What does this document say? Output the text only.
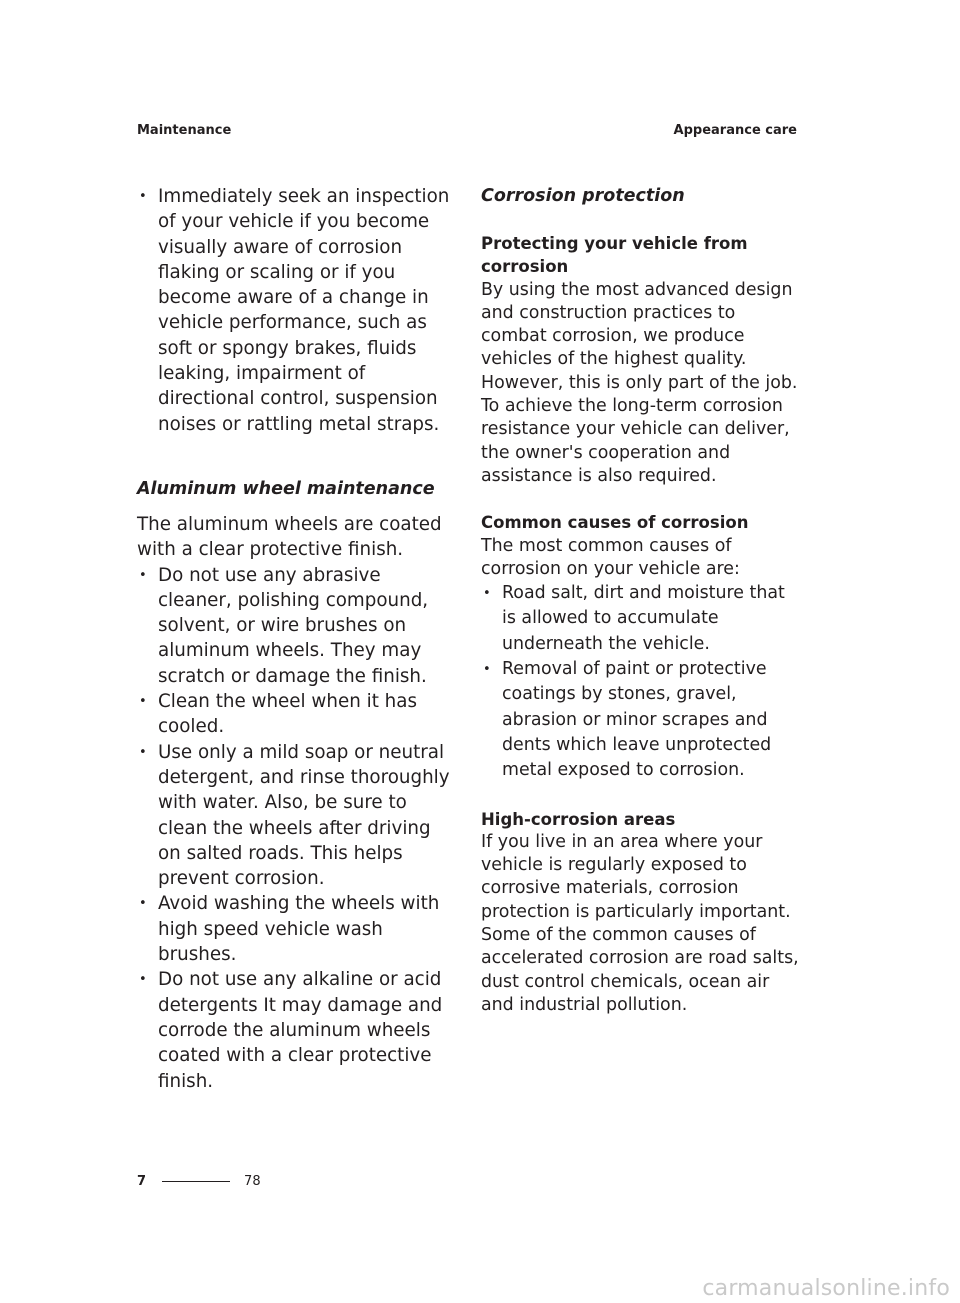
Maintenance	Appearance care
• Immediately seek an inspection of your vehicle if you become visually aware of corrosion flaking or scaling or if you become aware of a change in vehicle performance, such as soft or spongy brakes, fluids leaking, impairment of directional control, suspension noises or rattling metal straps.
Aluminum wheel maintenance

The aluminum wheels are coated with a clear protective finish.

• Do not use any abrasive cleaner, polishing compound, solvent, or wire brushes on aluminum wheels. They may scratch or damage the finish.
• Clean the wheel when it has cooled.
• Use only a mild soap or neutral detergent, and rinse thoroughly with water. Also, be sure to clean the wheels after driving on salted roads. This helps prevent corrosion.
• Avoid washing the wheels with high speed vehicle wash brushes.
• Do not use any alkaline or acid detergents It may damage and corrode the aluminum wheels coated with a clear protective finish.
Corrosion protection
Protecting your vehicle from corrosion

By using the most advanced design and construction practices to combat corrosion, we produce vehicles of the highest quality. However, this is only part of the job. To achieve the long-term corrosion resistance your vehicle can deliver, the owner's cooperation and assistance is also required.

Common causes of corrosion

The most common causes of corrosion on your vehicle are:

• Road salt, dirt and moisture that is allowed to accumulate underneath the vehicle.
• Removal of paint or protective coatings by stones, gravel, abrasion or minor scrapes and dents which leave unprotected metal exposed to corrosion.
High-corrosion areas

If you live in an area where your vehicle is regularly exposed to corrosive materials, corrosion protection is particularly important. Some of the common causes of accelerated corrosion are road salts, dust control chemicals, ocean air and industrial pollution.

7	78
carmanualsonline.info
